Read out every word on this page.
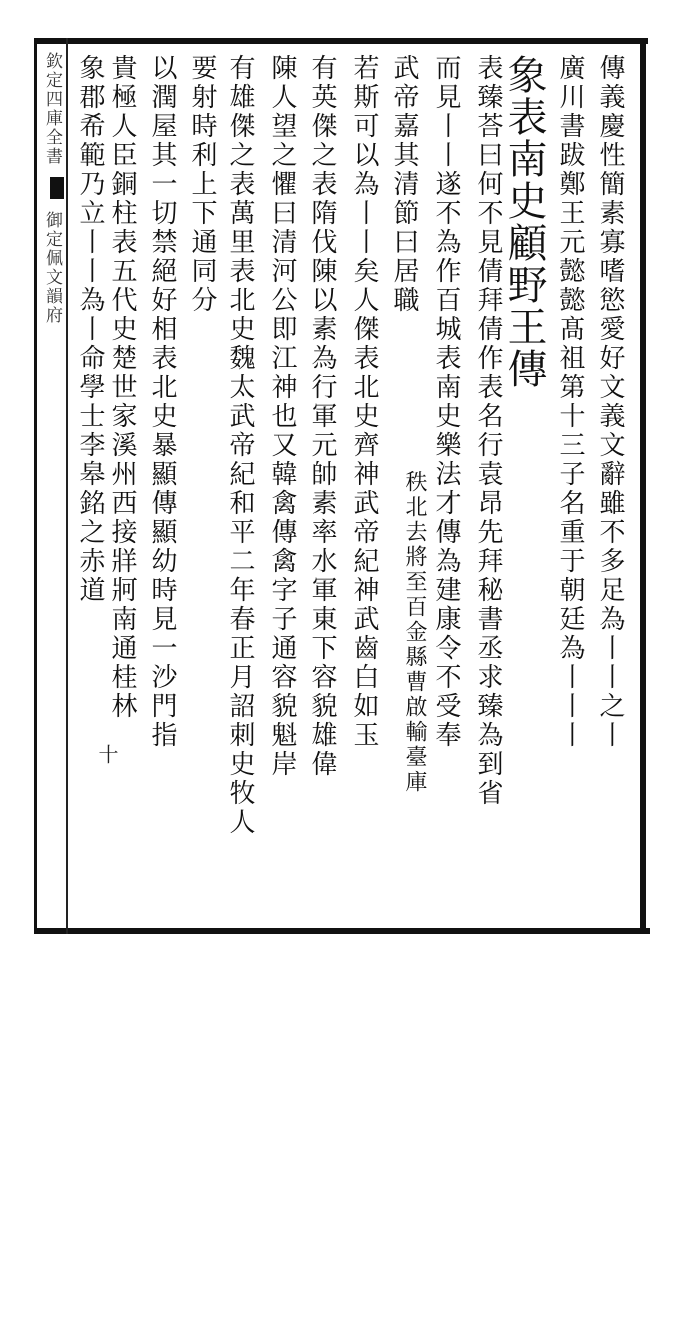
欽定四庫全書  御定佩文韻府	傳義慶性簡素寡嗜慾愛好文義文辭雖不多足為丨丨之丨
廣川書跋鄭王元懿懿髙祖第十三子名重于朝廷為丨丨丨
象表南史顧野王傳
表臻荅曰何不見倩拜倩作表名行袁昂先拜秘書丞求臻為到省
而見丨丨遂不為作百城表南史樂法才傳為建康令不受奉
秩北去將至百金縣曹啟輸臺庫
武帝嘉其清節曰居職
若斯可以為丨丨矣人傑表北史齊神武帝紀神武齒白如玉
有英傑之表隋伐陳以素為行軍元帥素率水軍東下容貌雄偉
陳人望之懼曰清河公即江神也又韓禽傳禽字子通容貌魁岸
有雄傑之表萬里表北史魏太武帝紀和平二年春正月詔刺史牧人
要射時利上下通同分
以潤屋其一切禁絕好相表北史暴顯傳顯幼時見一沙門指
貴極人臣銅柱表五代史楚世家溪州西接牂牁南通桂林
象郡希範乃立丨丨為丨命學士李皋銘之赤道
十
